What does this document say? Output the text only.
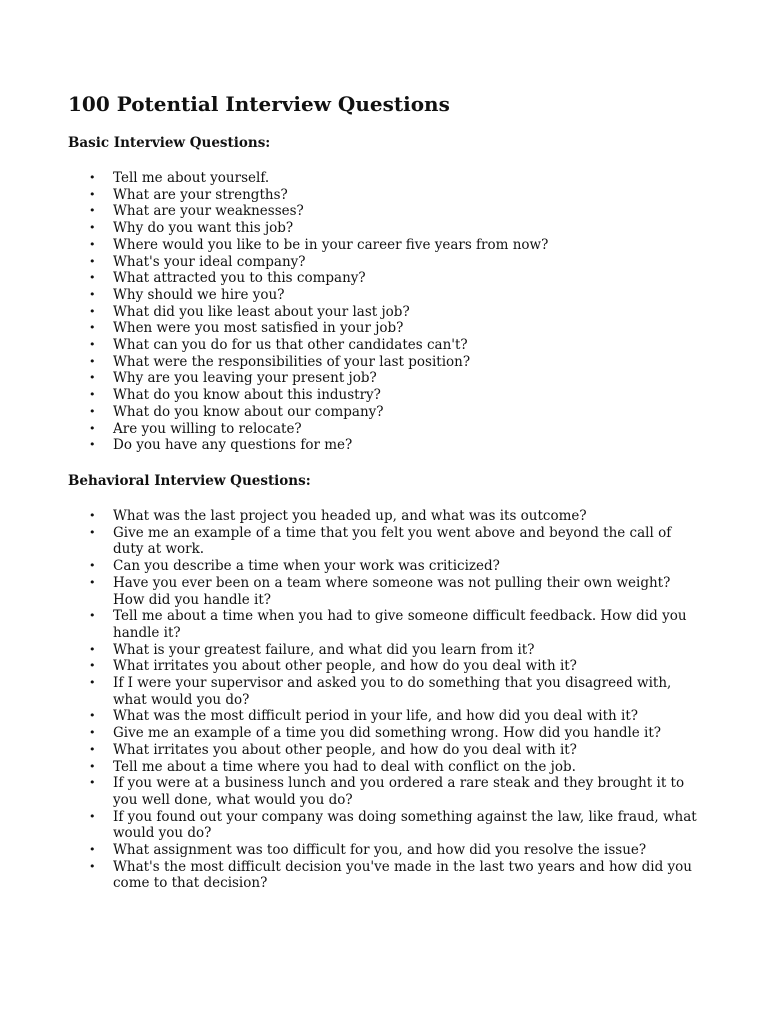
100 Potential Interview Questions
Basic Interview Questions:
• Tell me about yourself.
• What are your strengths?
• What are your weaknesses?
• Why do you want this job?
• Where would you like to be in your career five years from now?
• What's your ideal company?
• What attracted you to this company?
• Why should we hire you?
• What did you like least about your last job?
• When were you most satisfied in your job?
• What can you do for us that other candidates can't?
• What were the responsibilities of your last position?
• Why are you leaving your present job?
• What do you know about this industry?
• What do you know about our company?
• Are you willing to relocate?
• Do you have any questions for me?
Behavioral Interview Questions:
• What was the last project you headed up, and what was its outcome?
• Give me an example of a time that you felt you went above and beyond the call of duty at work.
• Can you describe a time when your work was criticized?
• Have you ever been on a team where someone was not pulling their own weight? How did you handle it?
• Tell me about a time when you had to give someone difficult feedback. How did you handle it?
• What is your greatest failure, and what did you learn from it?
• What irritates you about other people, and how do you deal with it?
• If I were your supervisor and asked you to do something that you disagreed with, what would you do?
• What was the most difficult period in your life, and how did you deal with it?
• Give me an example of a time you did something wrong. How did you handle it?
• What irritates you about other people, and how do you deal with it?
• Tell me about a time where you had to deal with conflict on the job.
• If you were at a business lunch and you ordered a rare steak and they brought it to you well done, what would you do?
• If you found out your company was doing something against the law, like fraud, what would you do?
• What assignment was too difficult for you, and how did you resolve the issue?
• What's the most difficult decision you've made in the last two years and how did you come to that decision?
